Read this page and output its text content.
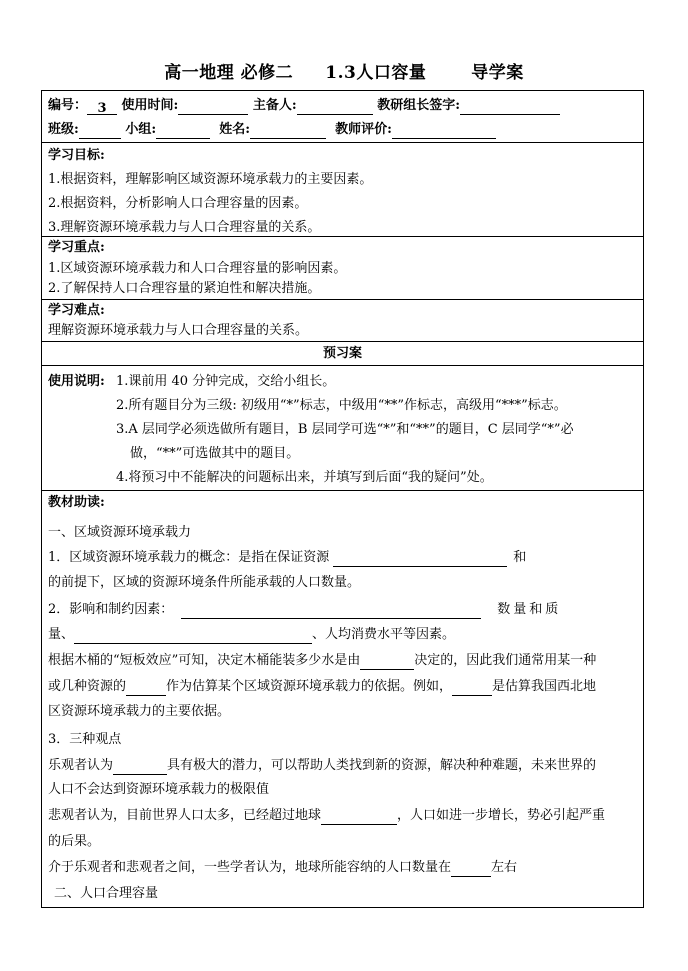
高一地理 必修二 1.3人口容量	导学案
编号： 3 使用时间:	主备人:	教研组长签字:
班级:	小组:	姓名:	教师评价:
学习目标:
1.根据资料，理解影响区域资源环境承载力的主要因素。
2.根据资料，分析影响人口合理容量的因素。
3.理解资源环境承载力与人口合理容量的关系。
学习重点:
1.区域资源环境承载力和人口合理容量的影响因素。
2.了解保持人口合理容量的紧迫性和解决措施。
学习难点:
理解资源环境承载力与人口合理容量的关系。
预习案
使用说明: 1.课前用 40 分钟完成，交给小组长。
2.所有题目分为三级: 初级用“*”标志，中级用“**”作标志，高级用“***”标志。
3.A 层同学必须选做所有题目，B 层同学可选“*”和“**”的题目，C 层同学“*”必
做，“**”可选做其中的题目。
4.将预习中不能解决的问题标出来，并填写到后面“我的疑问”处。
教材助读:
一、区域资源环境承载力
1．区域资源环境承载力的概念：是指在保证资源	和
的前提下，区域的资源环境条件所能承载的人口数量。
2．影响和制约因素：	数量和质
量、	、人均消费水平等因素。
根据木桶的“短板效应”可知，决定木桶能装多少水是由	决定的，因此我们通常用某一种
或几种资源的	作为估算某个区域资源环境承载力的依据。例如，	是估算我国西北地
区资源环境承载力的主要依据。
3．三种观点
乐观者认为	具有极大的潜力，可以帮助人类找到新的资源，解决种种难题，未来世界的
人口不会达到资源环境承载力的极限值
悲观者认为，目前世界人口太多，已经超过地球	，人口如进一步增长，势必引起严重
的后果。
介于乐观者和悲观者之间，一些学者认为，地球所能容纳的人口数量在	左右
二、人口合理容量
